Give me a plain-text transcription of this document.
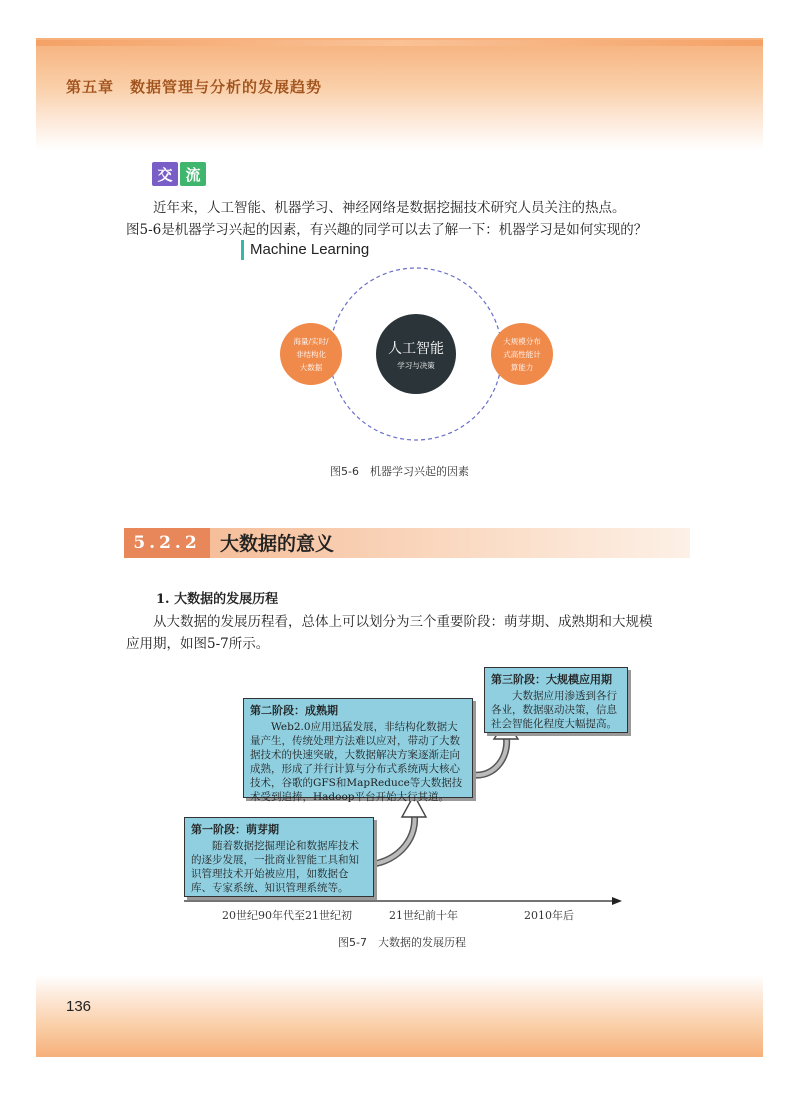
第五章　数据管理与分析的发展趋势
交 流
近年来，人工智能、机器学习、神经网络是数据挖掘技术研究人员关注的热点。
图5-6是机器学习兴起的因素，有兴趣的同学可以去了解一下：机器学习是如何实现的？
Machine Learning
人工智能
学习与决策
海量/实时/
非结构化
大数据
大规模分布
式高性能计
算能力
图5-6　机器学习兴起的因素
5.2.2	大数据的意义
1. 大数据的发展历程
从大数据的发展历程看，总体上可以划分为三个重要阶段：萌芽期、成熟期和大规模
应用期，如图5-7所示。
第一阶段：萌芽期
随着数据挖掘理论和数据库技术的逐步发展，一批商业智能工具和知识管理技术开始被应用，如数据仓库、专家系统、知识管理系统等。
第二阶段：成熟期
Web2.0应用迅猛发展，非结构化数据大量产生，传统处理方法难以应对，带动了大数据技术的快速突破，大数据解决方案逐渐走向成熟，形成了并行计算与分布式系统两大核心技术，谷歌的GFS和MapReduce等大数据技术受到追捧，Hadoop平台开始大行其道。
第三阶段：大规模应用期
大数据应用渗透到各行各业，数据驱动决策，信息社会智能化程度大幅提高。
20世纪90年代至21世纪初	21世纪前十年	2010年后
图5-7　大数据的发展历程
136
